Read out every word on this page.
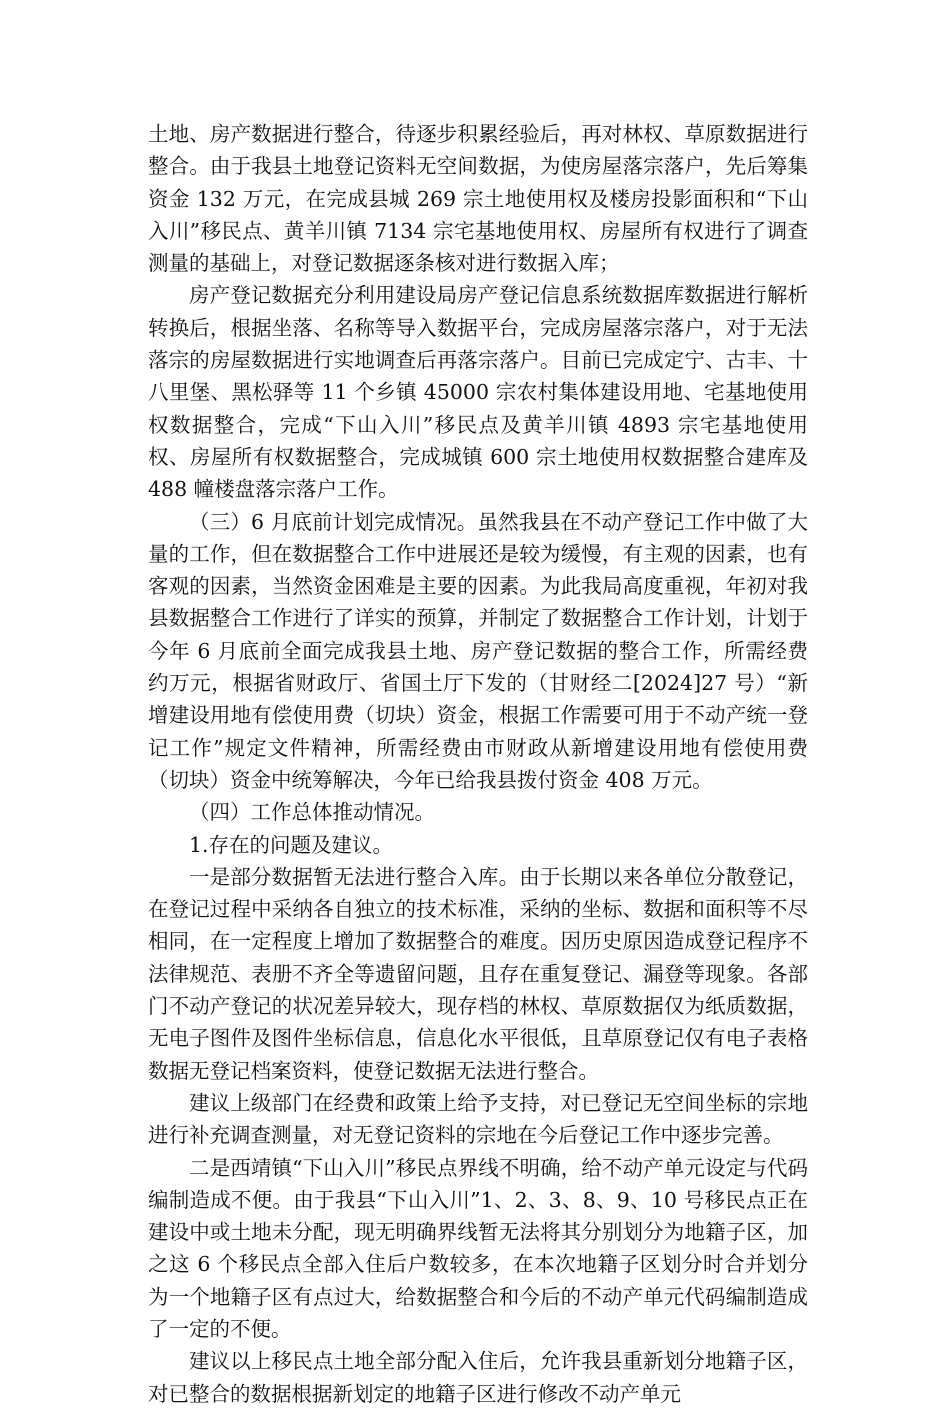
土地、房产数据进行整合，待逐步积累经验后，再对林权、草原数据进行整合。由于我县土地登记资料无空间数据，为使房屋落宗落户，先后筹集资金 132 万元，在完成县城 269 宗土地使用权及楼房投影面积和“下山入川”移民点、黄羊川镇 7134 宗宅基地使用权、房屋所有权进行了调查测量的基础上，对登记数据逐条核对进行数据入库；

房产登记数据充分利用建设局房产登记信息系统数据库数据进行解析转换后，根据坐落、名称等导入数据平台，完成房屋落宗落户，对于无法落宗的房屋数据进行实地调查后再落宗落户。目前已完成定宁、古丰、十八里堡、黑松驿等 11 个乡镇 45000 宗农村集体建设用地、宅基地使用权数据整合，完成“下山入川”移民点及黄羊川镇 4893 宗宅基地使用权、房屋所有权数据整合，完成城镇 600 宗土地使用权数据整合建库及 488 幢楼盘落宗落户工作。

（三）6 月底前计划完成情况。虽然我县在不动产登记工作中做了大量的工作，但在数据整合工作中进展还是较为缓慢，有主观的因素，也有客观的因素，当然资金困难是主要的因素。为此我局高度重视，年初对我县数据整合工作进行了详实的预算，并制定了数据整合工作计划，计划于今年 6 月底前全面完成我县土地、房产登记数据的整合工作，所需经费约万元，根据省财政厅、省国土厅下发的（甘财经二[2024]27 号）“新增建设用地有偿使用费（切块）资金，根据工作需要可用于不动产统一登记工作”规定文件精神，所需经费由市财政从新增建设用地有偿使用费（切块）资金中统筹解决，今年已给我县拨付资金 408 万元。

（四）工作总体推动情况。

1.存在的问题及建议。

一是部分数据暂无法进行整合入库。由于长期以来各单位分散登记，在登记过程中采纳各自独立的技术标准，采纳的坐标、数据和面积等不尽相同，在一定程度上增加了数据整合的难度。因历史原因造成登记程序不法律规范、表册不齐全等遗留问题，且存在重复登记、漏登等现象。各部门不动产登记的状况差异较大，现存档的林权、草原数据仅为纸质数据，无电子图件及图件坐标信息，信息化水平很低，且草原登记仅有电子表格数据无登记档案资料，使登记数据无法进行整合。

建议上级部门在经费和政策上给予支持，对已登记无空间坐标的宗地进行补充调查测量，对无登记资料的宗地在今后登记工作中逐步完善。

二是西靖镇“下山入川”移民点界线不明确，给不动产单元设定与代码编制造成不便。由于我县“下山入川”1、2、3、8、9、10 号移民点正在建设中或土地未分配，现无明确界线暂无法将其分别划分为地籍子区，加之这 6 个移民点全部入住后户数较多，在本次地籍子区划分时合并划分为一个地籍子区有点过大，给数据整合和今后的不动产单元代码编制造成了一定的不便。

建议以上移民点土地全部分配入住后，允许我县重新划分地籍子区，对已整合的数据根据新划定的地籍子区进行修改不动产单元
